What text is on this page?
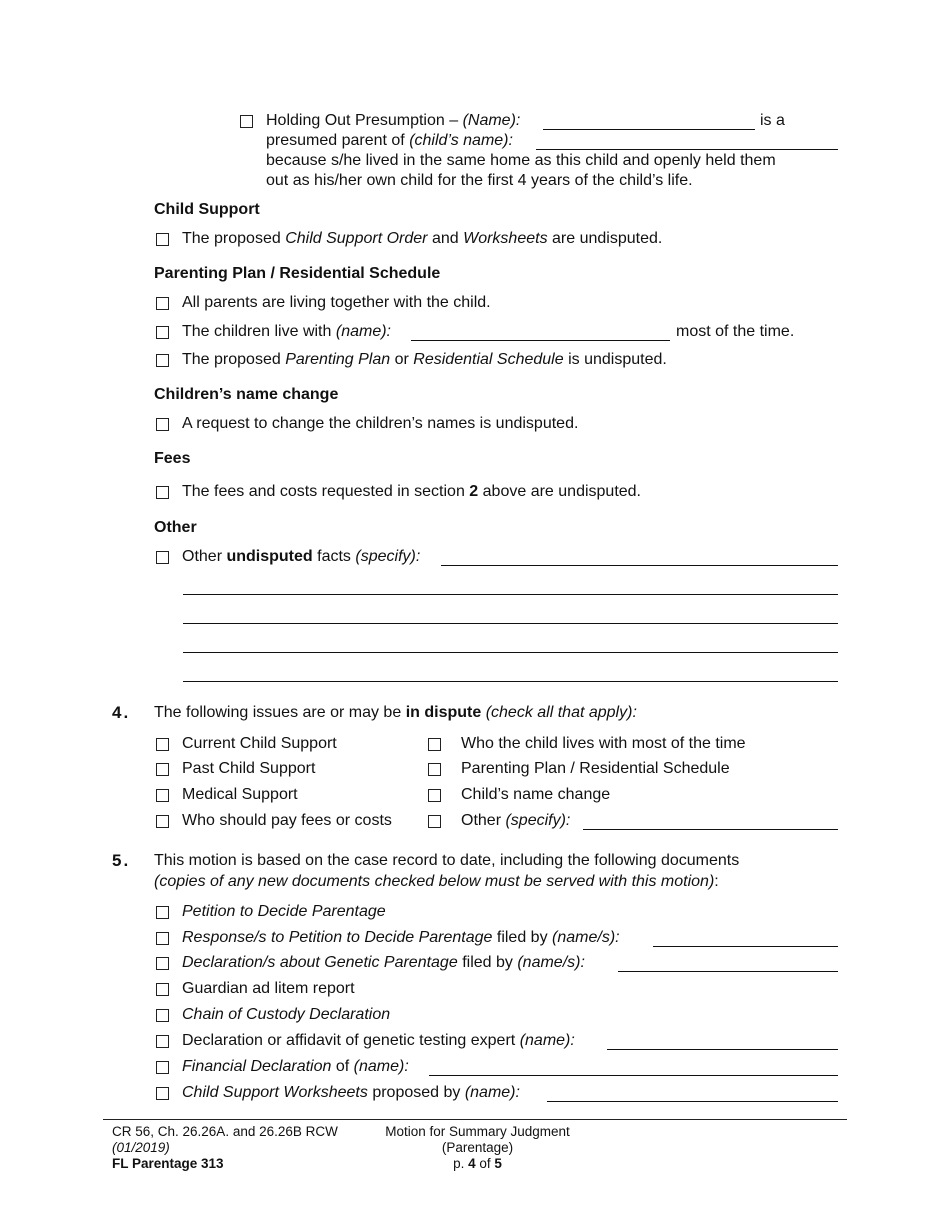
Holding Out Presumption – (Name):	is a
presumed parent of (child’s name):
because s/he lived in the same home as this child and openly held them
out as his/her own child for the first 4 years of the child’s life.
Child Support
The proposed Child Support Order and Worksheets are undisputed.
Parenting Plan / Residential Schedule
All parents are living together with the child.
The children live with (name):	most of the time.
The proposed Parenting Plan or Residential Schedule is undisputed.
Children’s name change
A request to change the children’s names is undisputed.
Fees
The fees and costs requested in section 2 above are undisputed.
Other
Other undisputed facts (specify):
4. The following issues are or may be in dispute (check all that apply):
Current Child Support
Past Child Support
Medical Support
Who should pay fees or costs
Who the child lives with most of the time
Parenting Plan / Residential Schedule
Child’s name change
Other (specify):
5. This motion is based on the case record to date, including the following documents
(copies of any new documents checked below must be served with this motion):
Petition to Decide Parentage
Response/s to Petition to Decide Parentage filed by (name/s):
Declaration/s about Genetic Parentage filed by (name/s):
Guardian ad litem report
Chain of Custody Declaration
Declaration or affidavit of genetic testing expert (name):
Financial Declaration of (name):
Child Support Worksheets proposed by (name):
CR 56, Ch. 26.26A. and 26.26B RCW
(01/2019)
FL Parentage 313
Motion for Summary Judgment
(Parentage)
p. 4 of 5
